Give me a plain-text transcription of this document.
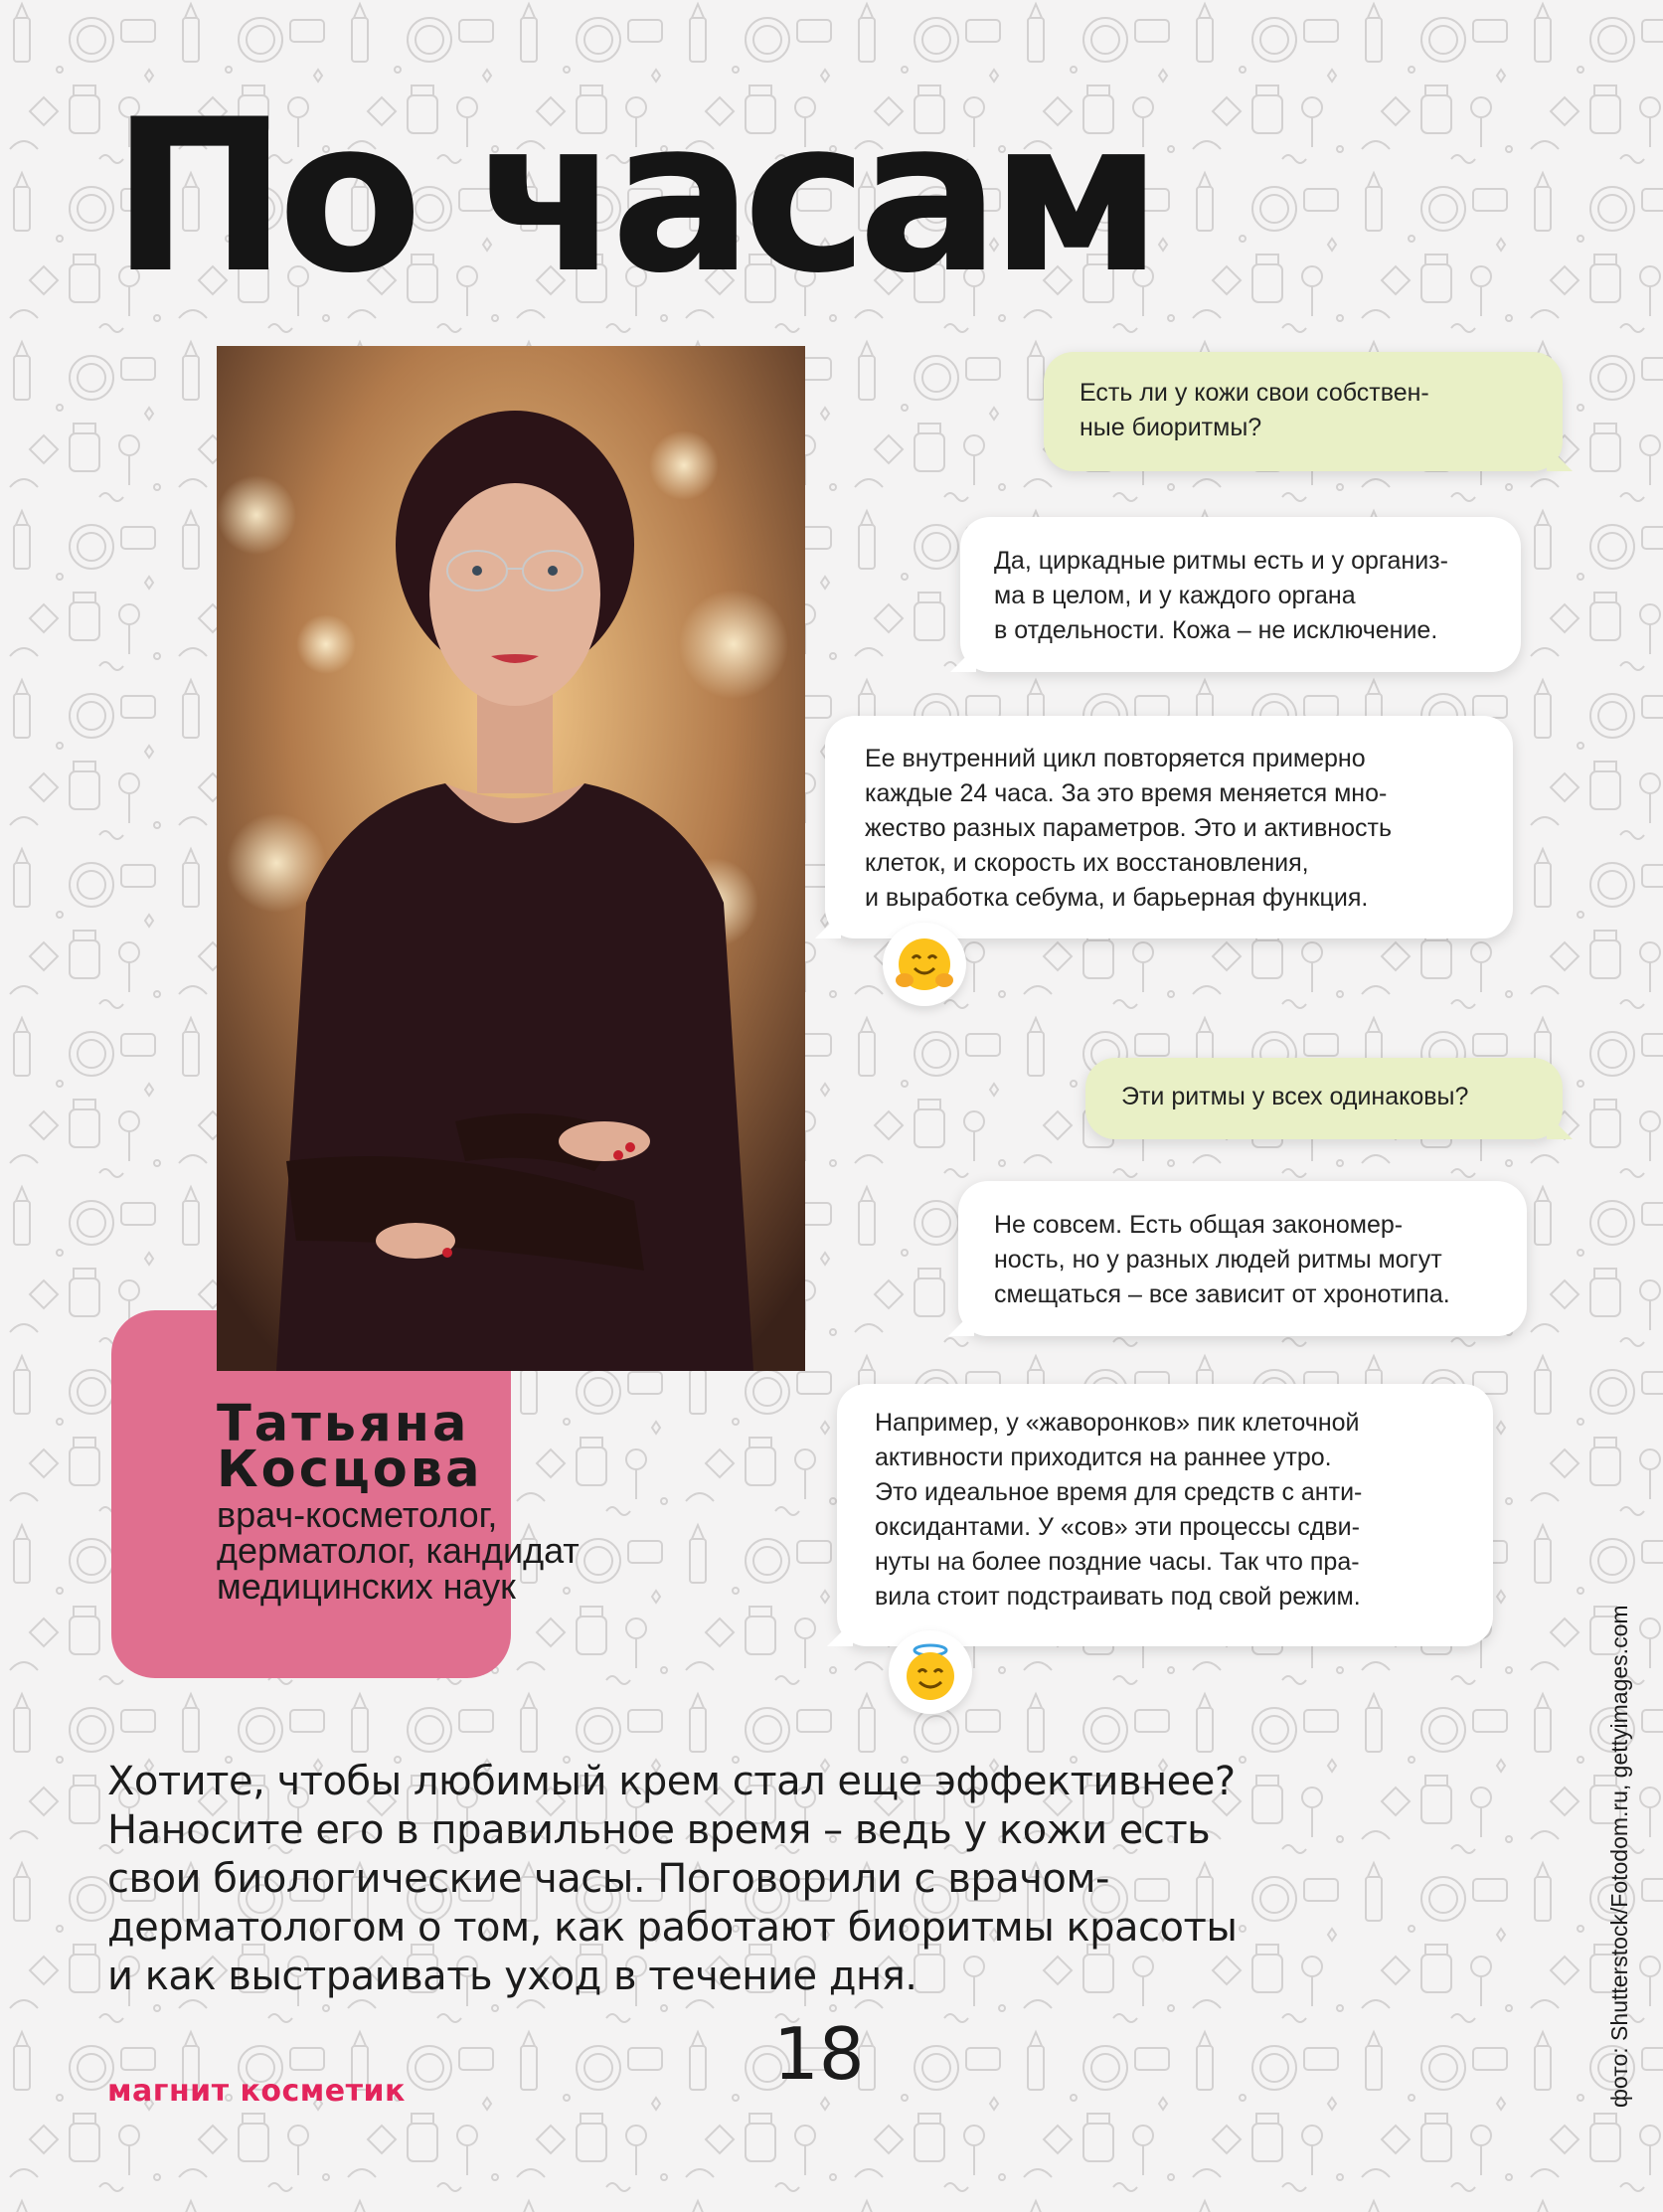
По часам
Татьяна
Косцова
врач-косметолог,
дерматолог, кандидат
медицинских наук
Есть ли у кожи свои собствен-
ные биоритмы?
Да, циркадные ритмы есть и у организ-
ма в целом, и у каждого органа
в отдельности. Кожа – не исключение.
Ее внутренний цикл повторяется примерно
каждые 24 часа. За это время меняется мно-
жество разных параметров. Это и активность
клеток, и скорость их восстановления,
и выработка себума, и барьерная функция.
Эти ритмы у всех одинаковы?
Не совсем. Есть общая закономер-
ность, но у разных людей ритмы могут
смещаться – все зависит от хронотипа.
Например, у «жаворонков» пик клеточной
активности приходится на раннее утро.
Это идеальное время для средств с анти-
оксидантами. У «сов» эти процессы сдви-
нуты на более поздние часы. Так что пра-
вила стоит подстраивать под свой режим.

Хотите, чтобы любимый крем стал еще эффективнее?
Наносите его в правильное время – ведь у кожи есть
свои биологические часы. Поговорили с врачом-
дерматологом о том, как работают биоритмы красоты
и как выстраивать уход в течение дня.

магнит косметик	18	фото: Shutterstock/Fotodom.ru, gettyimages.com
